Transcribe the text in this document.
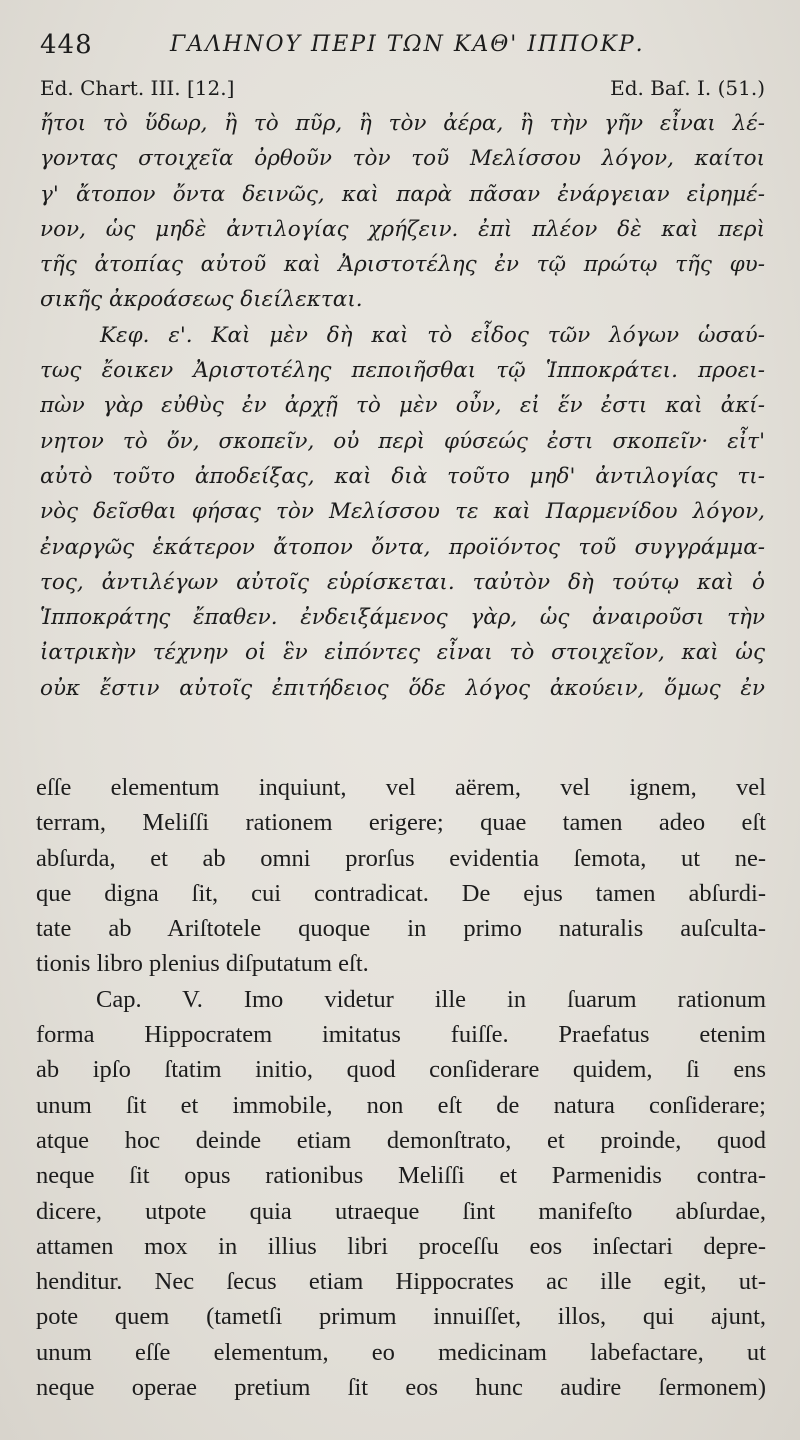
448	ΓΑΛΗΝΟΥ ΠΕΡΙ ΤΩΝ ΚΑΘ' ΙΠΠΟΚΡ.
Ed. Chart. III. [12.]	Ed. Baſ. I. (51.)
ἤτοι τὸ ὕδωρ, ἢ τὸ πῦρ, ἢ τὸν ἀέρα, ἢ τὴν γῆν εἶναι λέ-
γοντας στοιχεῖα ὀρθοῦν τὸν τοῦ Μελίσσου λόγον, καίτοι
γ' ἄτοπον ὄντα δεινῶς, καὶ παρὰ πᾶσαν ἐνάργειαν εἰρημέ-
νον, ὡς μηδὲ ἀντιλογίας χρήζειν. ἐπὶ πλέον δὲ καὶ περὶ
τῆς ἀτοπίας αὐτοῦ καὶ Ἀριστοτέλης ἐν τῷ πρώτῳ τῆς φυ-
σικῆς ἀκροάσεως διείλεκται.
Κεφ. ε'. Καὶ μὲν δὴ καὶ τὸ εἶδος τῶν λόγων ὡσαύ-
τως ἔοικεν Ἀριστοτέλης πεποιῆσθαι τῷ Ἱπποκράτει. προει-
πὼν γὰρ εὐθὺς ἐν ἀρχῇ τὸ μὲν οὖν, εἰ ἕν ἐστι καὶ ἀκί-
νητον τὸ ὄν, σκοπεῖν, οὐ περὶ φύσεώς ἐστι σκοπεῖν· εἶτ'
αὐτὸ τοῦτο ἀποδείξας, καὶ διὰ τοῦτο μηδ' ἀντιλογίας τι-
νὸς δεῖσθαι φήσας τὸν Μελίσσου τε καὶ Παρμενίδου λόγον,
ἐναργῶς ἑκάτερον ἄτοπον ὄντα, προϊόντος τοῦ συγγράμμα-
τος, ἀντιλέγων αὐτοῖς εὑρίσκεται. ταὐτὸν δὴ τούτῳ καὶ ὁ
Ἱπποκράτης ἔπαθεν. ἐνδειξάμενος γὰρ, ὡς ἀναιροῦσι τὴν
ἰατρικὴν τέχνην οἱ ἓν εἰπόντες εἶναι τὸ στοιχεῖον, καὶ ὡς
οὐκ ἔστιν αὐτοῖς ἐπιτήδειος ὅδε λόγος ἀκούειν, ὅμως ἐν
eſſe elementum inquiunt, vel aërem, vel ignem, vel
terram, Meliſſi rationem erigere; quae tamen adeo eſt
abſurda, et ab omni prorſus evidentia ſemota, ut ne-
que digna ſit, cui contradicat. De ejus tamen abſurdi-
tate ab Ariſtotele quoque in primo naturalis auſculta-
tionis libro plenius diſputatum eſt.
Cap. V. Imo videtur ille in ſuarum rationum
forma Hippocratem imitatus fuiſſe. Praefatus etenim
ab ipſo ſtatim initio, quod conſiderare quidem, ſi ens
unum ſit et immobile, non eſt de natura conſiderare;
atque hoc deinde etiam demonſtrato, et proinde, quod
neque ſit opus rationibus Meliſſi et Parmenidis contra-
dicere, utpote quia utraeque ſint manifeſto abſurdae,
attamen mox in illius libri proceſſu eos inſectari depre-
henditur. Nec ſecus etiam Hippocrates ac ille egit, ut-
pote quem (tametſi primum innuiſſet, illos, qui ajunt,
unum eſſe elementum, eo medicinam labefactare, ut
neque operae pretium ſit eos hunc audire ſermonem)
